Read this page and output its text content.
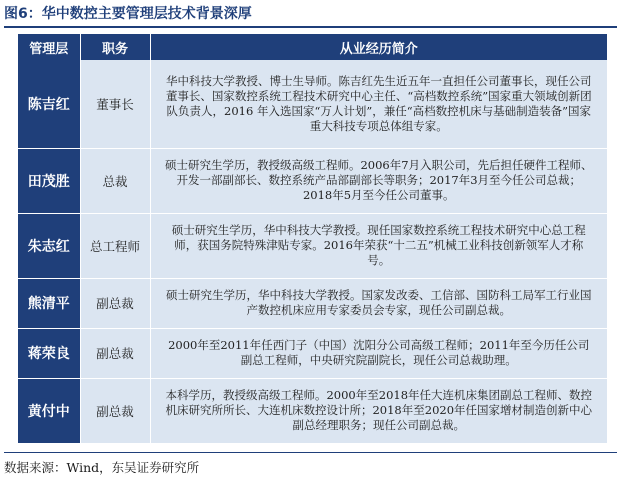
图6：华中数控主要管理层技术背景深厚
管理层	职务	从业经历简介
陈吉红	董事长	华中科技大学教授、博士生导师。陈吉红先生近五年一直担任公司董事长，现任公司董事长、国家数控系统工程技术研究中心主任、“高档数控系统”国家重大领域创新团队负责人，2016 年入选国家“万人计划”，兼任“高档数控机床与基础制造装备”国家重大科技专项总体组专家。
田茂胜	总裁	硕士研究生学历，教授级高级工程师。2006年7月入职公司，先后担任硬件工程师、开发一部副部长、数控系统产品部副部长等职务；2017年3月至今任公司总裁；2018年5月至今任公司董事。
朱志红	总工程师	硕士研究生学历，华中科技大学教授。现任国家数控系统工程技术研究中心总工程师，获国务院特殊津贴专家。2016年荣获“十二五”机械工业科技创新领军人才称号。
熊清平	副总裁	硕士研究生学历，华中科技大学教授。国家发改委、工信部、国防科工局军工行业国产数控机床应用专家委员会专家，现任公司副总裁。
蒋荣良	副总裁	2000年至2011年任西门子（中国）沈阳分公司高级工程师；2011年至今历任公司副总工程师，中央研究院副院长，现任公司总裁助理。
黄付中	副总裁	本科学历，教授级高级工程师。2000年至2018年任大连机床集团副总工程师、数控机床研究所所长、大连机床数控设计所；2018年至2020年任国家增材制造创新中心副总经理职务；现任公司副总裁。
数据来源：Wind，东吴证券研究所
